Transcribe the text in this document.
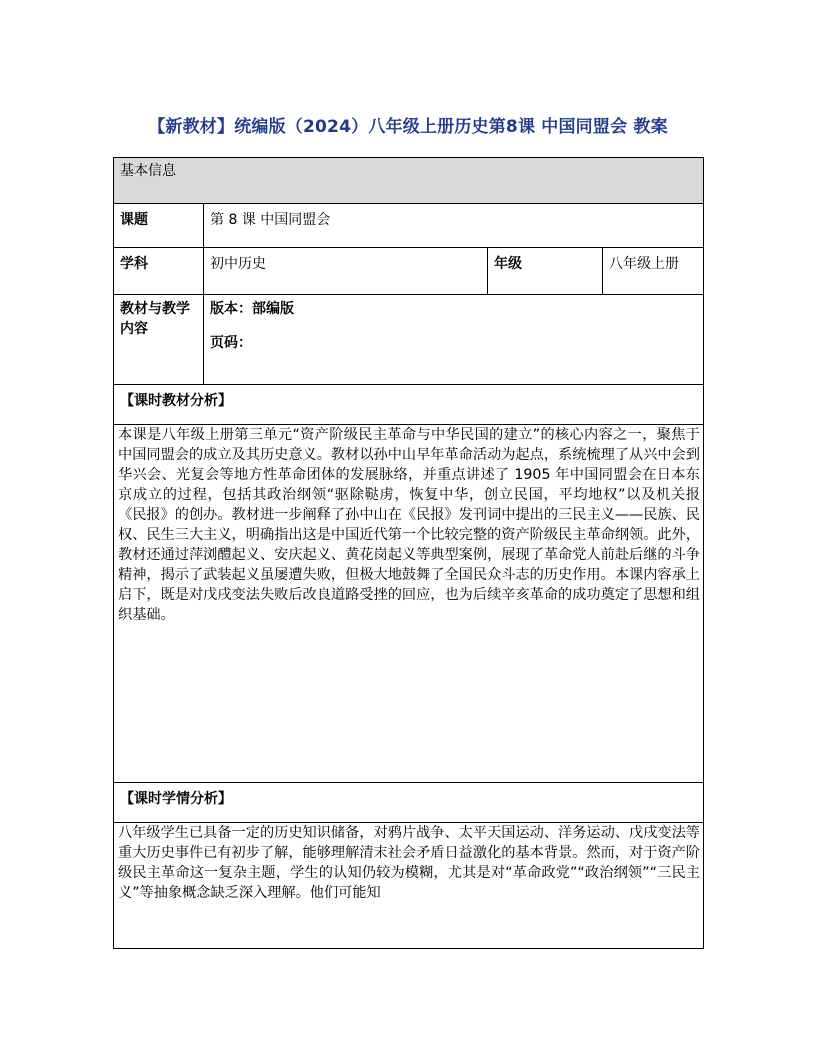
【新教材】统编版（2024）八年级上册历史第8课 中国同盟会 教案
基本信息			
课题	第 8 课 中国同盟会		
学科	初中历史	年级	八年级上册
教材与教学内容	版本：部编版
页码：		

【课时教材分析】			
本课是八年级上册第三单元“资产阶级民主革命与中华民国的建立”的核心内容之一，聚焦于中国同盟会的成立及其历史意义。教材以孙中山早年革命活动为起点，系统梳理了从兴中会到华兴会、光复会等地方性革命团体的发展脉络，并重点讲述了 1905 年中国同盟会在日本东京成立的过程，包括其政治纲领“驱除鞑虏，恢复中华，创立民国，平均地权”以及机关报《民报》的创办。教材进一步阐释了孙中山在《民报》发刊词中提出的三民主义——民族、民权、民生三大主义，明确指出这是中国近代第一个比较完整的资产阶级民主革命纲领。此外，教材还通过萍浏醴起义、安庆起义、黄花岗起义等典型案例，展现了革命党人前赴后继的斗争精神，揭示了武装起义虽屡遭失败，但极大地鼓舞了全国民众斗志的历史作用。本课内容承上启下，既是对戊戌变法失败后改良道路受挫的回应，也为后续辛亥革命的成功奠定了思想和组织基础。			
【课时学情分析】			
八年级学生已具备一定的历史知识储备，对鸦片战争、太平天国运动、洋务运动、戊戌变法等重大历史事件已有初步了解，能够理解清末社会矛盾日益激化的基本背景。然而，对于资产阶级民主革命这一复杂主题，学生的认知仍较为模糊，尤其是对“革命政党”“政治纲领”“三民主义”等抽象概念缺乏深入理解。他们可能知			
